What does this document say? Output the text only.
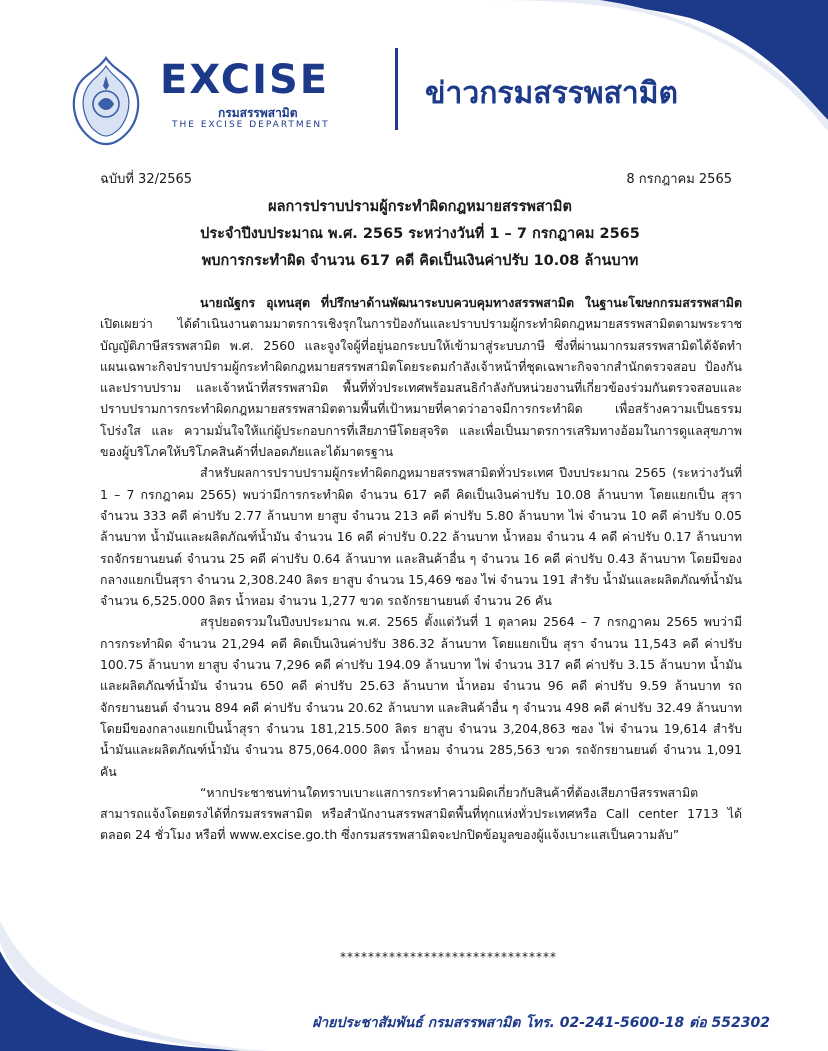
EXCISE
กรมสรรพสามิต
THE EXCISE DEPARTMENT
ข่าวกรมสรรพสามิต
ฉบับที่ 32/2565	8 กรกฎาคม 2565
ผลการปราบปรามผู้กระทำผิดกฎหมายสรรพสามิต
ประจำปีงบประมาณ พ.ศ. 2565 ระหว่างวันที่ 1 – 7 กรกฎาคม 2565
พบการกระทำผิด จำนวน 617 คดี คิดเป็นเงินค่าปรับ 10.08 ล้านบาท

นายณัฐกร อุเทนสุต ที่ปรึกษาด้านพัฒนาระบบควบคุมทางสรรพสามิต ในฐานะโฆษกกรมสรรพสามิต เปิดเผยว่า ได้ดำเนินงานตามมาตรการเชิงรุกในการป้องกันและปราบปรามผู้กระทำผิดกฎหมายสรรพสามิตตามพระราชบัญญัติภาษีสรรพสามิต พ.ศ. 2560 และจูงใจผู้ที่อยู่นอกระบบให้เข้ามาสู่ระบบภาษี ซึ่งที่ผ่านมากรมสรรพสามิตได้จัดทำแผนเฉพาะกิจปราบปรามผู้กระทำผิดกฎหมายสรรพสามิตโดยระดมกำลังเจ้าหน้าที่ชุดเฉพาะกิจจากสำนักตรวจสอบ ป้องกันและปราบปราม และเจ้าหน้าที่สรรพสามิต พื้นที่ทั่วประเทศพร้อมสนธิกำลังกับหน่วยงานที่เกี่ยวข้องร่วมกันตรวจสอบและปราบปรามการกระทำผิดกฎหมายสรรพสามิตตามพื้นที่เป้าหมายที่คาดว่าอาจมีการกระทำผิด เพื่อสร้างความเป็นธรรม โปร่งใส และ ความมั่นใจให้แก่ผู้ประกอบการที่เสียภาษีโดยสุจริต และเพื่อเป็นมาตรการเสริมทางอ้อมในการดูแลสุขภาพของผู้บริโภคให้บริโภคสินค้าที่ปลอดภัยและได้มาตรฐาน

สำหรับผลการปราบปรามผู้กระทำผิดกฎหมายสรรพสามิตทั่วประเทศ ปีงบประมาณ 2565 (ระหว่างวันที่ 1 – 7 กรกฎาคม 2565) พบว่ามีการกระทำผิด จำนวน 617 คดี คิดเป็นเงินค่าปรับ 10.08 ล้านบาท โดยแยกเป็น สุรา จำนวน 333 คดี ค่าปรับ 2.77 ล้านบาท ยาสูบ จำนวน 213 คดี ค่าปรับ 5.80 ล้านบาท ไพ่ จำนวน 10 คดี ค่าปรับ 0.05 ล้านบาท น้ำมันและผลิตภัณฑ์น้ำมัน จำนวน 16 คดี ค่าปรับ 0.22 ล้านบาท น้ำหอม จำนวน 4 คดี ค่าปรับ 0.17 ล้านบาท รถจักรยานยนต์ จำนวน 25 คดี ค่าปรับ 0.64 ล้านบาท และสินค้าอื่น ๆ จำนวน 16 คดี ค่าปรับ 0.43 ล้านบาท โดยมีของกลางแยกเป็นสุรา จำนวน 2,308.240 ลิตร ยาสูบ จำนวน 15,469 ซอง ไพ่ จำนวน 191 สำรับ น้ำมันและผลิตภัณฑ์น้ำมัน จำนวน 6,525.000 ลิตร น้ำหอม จำนวน 1,277 ขวด รถจักรยานยนต์ จำนวน 26 คัน

สรุปยอดรวมในปีงบประมาณ พ.ศ. 2565 ตั้งแต่วันที่ 1 ตุลาคม 2564 – 7 กรกฎาคม 2565 พบว่ามีการกระทำผิด จำนวน 21,294 คดี คิดเป็นเงินค่าปรับ 386.32 ล้านบาท โดยแยกเป็น สุรา จำนวน 11,543 คดี ค่าปรับ 100.75 ล้านบาท ยาสูบ จำนวน 7,296 คดี ค่าปรับ 194.09 ล้านบาท ไพ่ จำนวน 317 คดี ค่าปรับ 3.15 ล้านบาท น้ำมันและผลิตภัณฑ์น้ำมัน จำนวน 650 คดี ค่าปรับ 25.63 ล้านบาท น้ำหอม จำนวน 96 คดี ค่าปรับ 9.59 ล้านบาท รถจักรยานยนต์ จำนวน 894 คดี ค่าปรับ จำนวน 20.62 ล้านบาท และสินค้าอื่น ๆ จำนวน 498 คดี ค่าปรับ 32.49 ล้านบาท โดยมีของกลางแยกเป็นน้ำสุรา จำนวน 181,215.500 ลิตร ยาสูบ จำนวน 3,204,863 ซอง ไพ่ จำนวน 19,614 สำรับ น้ำมันและผลิตภัณฑ์น้ำมัน จำนวน 875,064.000 ลิตร น้ำหอม จำนวน 285,563 ขวด รถจักรยานยนต์ จำนวน 1,091 คัน

“หากประชาชนท่านใดทราบเบาะแสการกระทำความผิดเกี่ยวกับสินค้าที่ต้องเสียภาษีสรรพสามิต สามารถแจ้งโดยตรงได้ที่กรมสรรพสามิต หรือสำนักงานสรรพสามิตพื้นที่ทุกแห่งทั่วประเทศหรือ Call center 1713 ได้ตลอด 24 ชั่วโมง หรือที่ www.excise.go.th ซึ่งกรมสรรพสามิตจะปกปิดข้อมูลของผู้แจ้งเบาะแสเป็นความลับ”

*******************************
ฝ่ายประชาสัมพันธ์ กรมสรรพสามิต โทร. 02-241-5600-18 ต่อ 552302
